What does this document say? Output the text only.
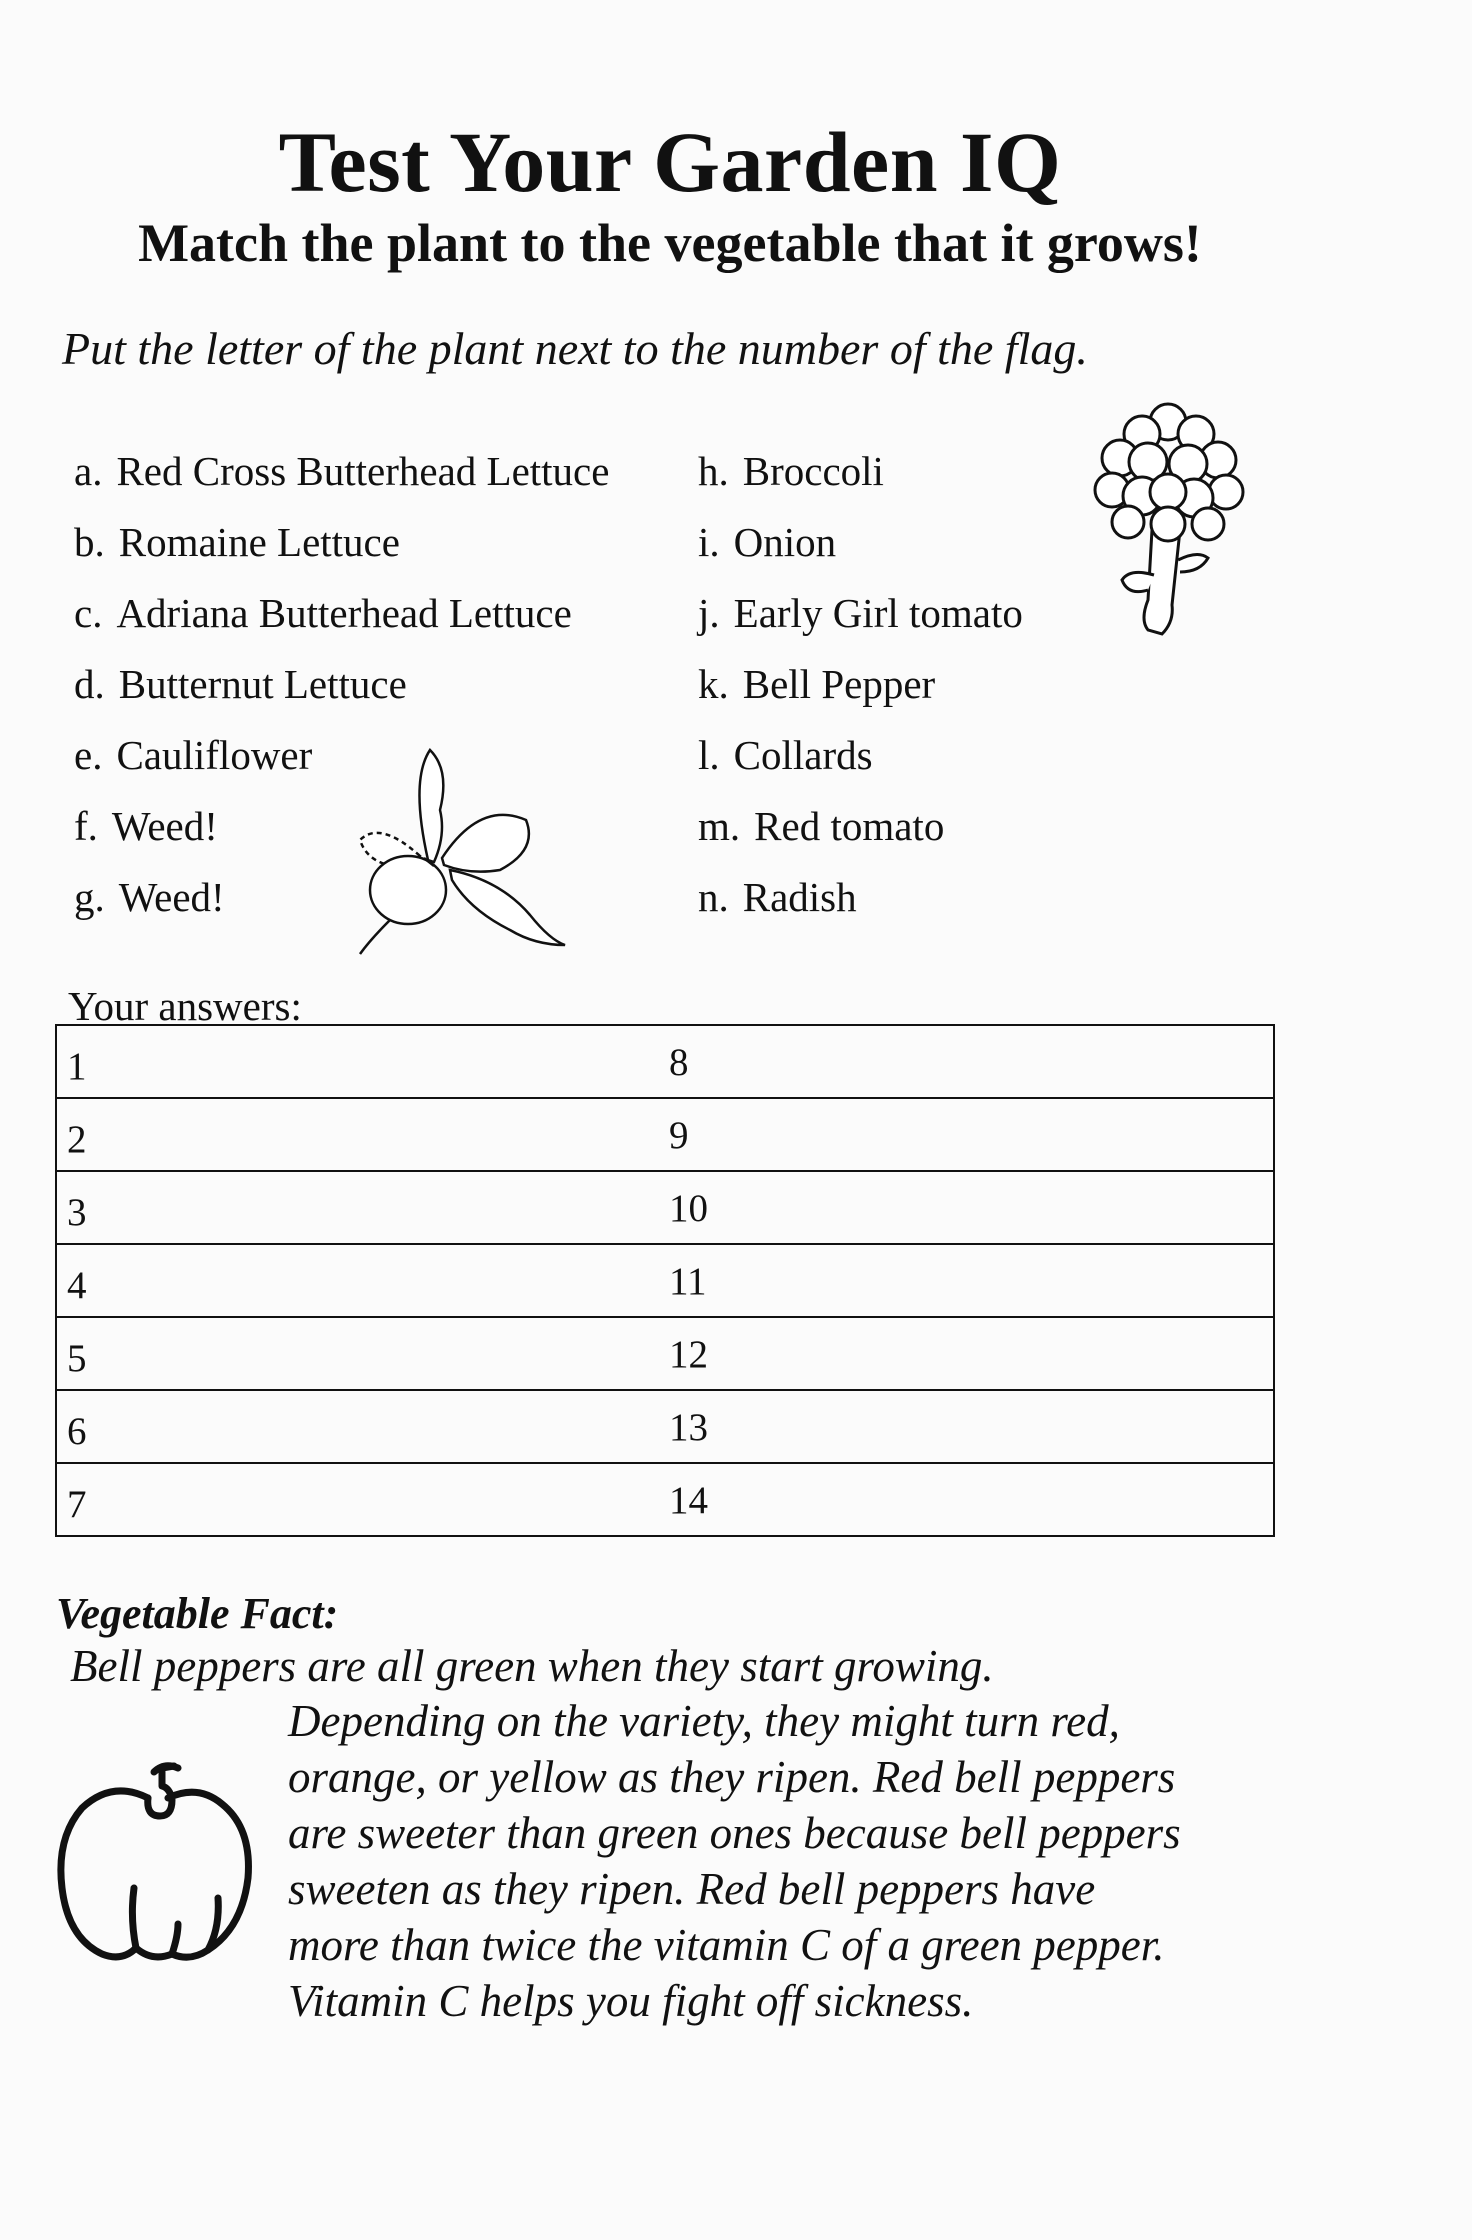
Test Your Garden IQ
Match the plant to the vegetable that it grows!
Put the letter of the plant next to the number of the flag.
a. Red Cross Butterhead Lettuce
b. Romaine Lettuce
c. Adriana Butterhead Lettuce
d. Butternut Lettuce
e. Cauliflower
f. Weed!
g. Weed!
h. Broccoli
i. Onion
j. Early Girl tomato
k. Bell Pepper
l. Collards
m. Red tomato
n. Radish
Your answers:
1	8
2	9
3	10
4	11
5	12
6	13
7	14
Vegetable Fact:
Bell peppers are all green when they start growing.
Depending on the variety, they might turn red,
orange, or yellow as they ripen. Red bell peppers
are sweeter than green ones because bell peppers
sweeten as they ripen. Red bell peppers have
more than twice the vitamin C of a green pepper.
Vitamin C helps you fight off sickness.
